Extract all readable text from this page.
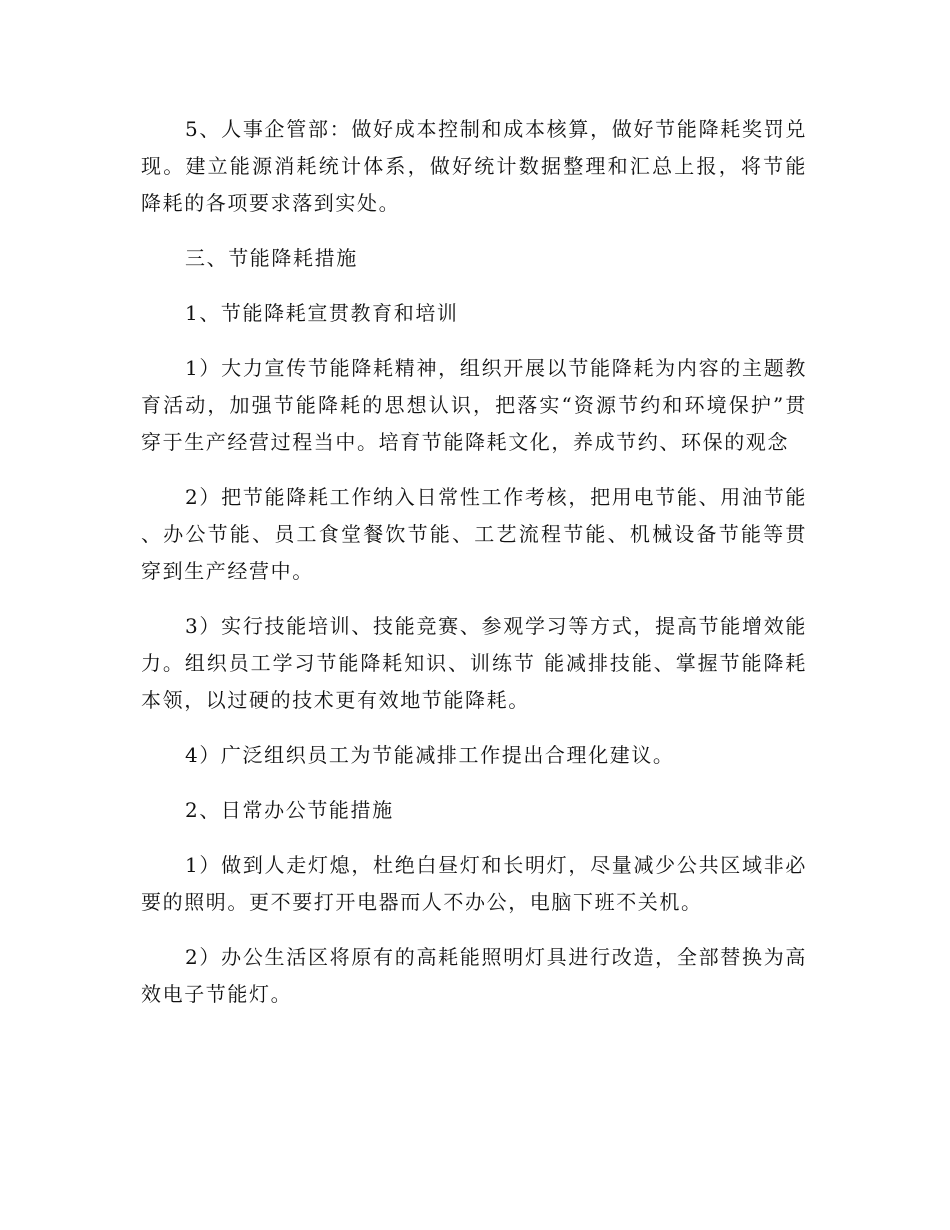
5、人事企管部：做好成本控制和成本核算，做好节能降耗奖罚兑现。建立能源消耗统计体系，做好统计数据整理和汇总上报，将节能降耗的各项要求落到实处。

三、节能降耗措施

1、节能降耗宣贯教育和培训

1）大力宣传节能降耗精神，组织开展以节能降耗为内容的主题教育活动，加强节能降耗的思想认识，把落实“资源节约和环境保护”贯穿于生产经营过程当中。培育节能降耗文化，养成节约、环保的观念

2）把节能降耗工作纳入日常性工作考核，把用电节能、用油节能、办公节能、员工食堂餐饮节能、工艺流程节能、机械设备节能等贯穿到生产经营中。

3）实行技能培训、技能竞赛、参观学习等方式，提高节能增效能力。组织员工学习节能降耗知识、训练节 能减排技能、掌握节能降耗本领，以过硬的技术更有效地节能降耗。

4）广泛组织员工为节能减排工作提出合理化建议。

2、日常办公节能措施

1）做到人走灯熄，杜绝白昼灯和长明灯，尽量减少公共区域非必要的照明。更不要打开电器而人不办公，电脑下班不关机。

2）办公生活区将原有的高耗能照明灯具进行改造，全部替换为高效电子节能灯。
